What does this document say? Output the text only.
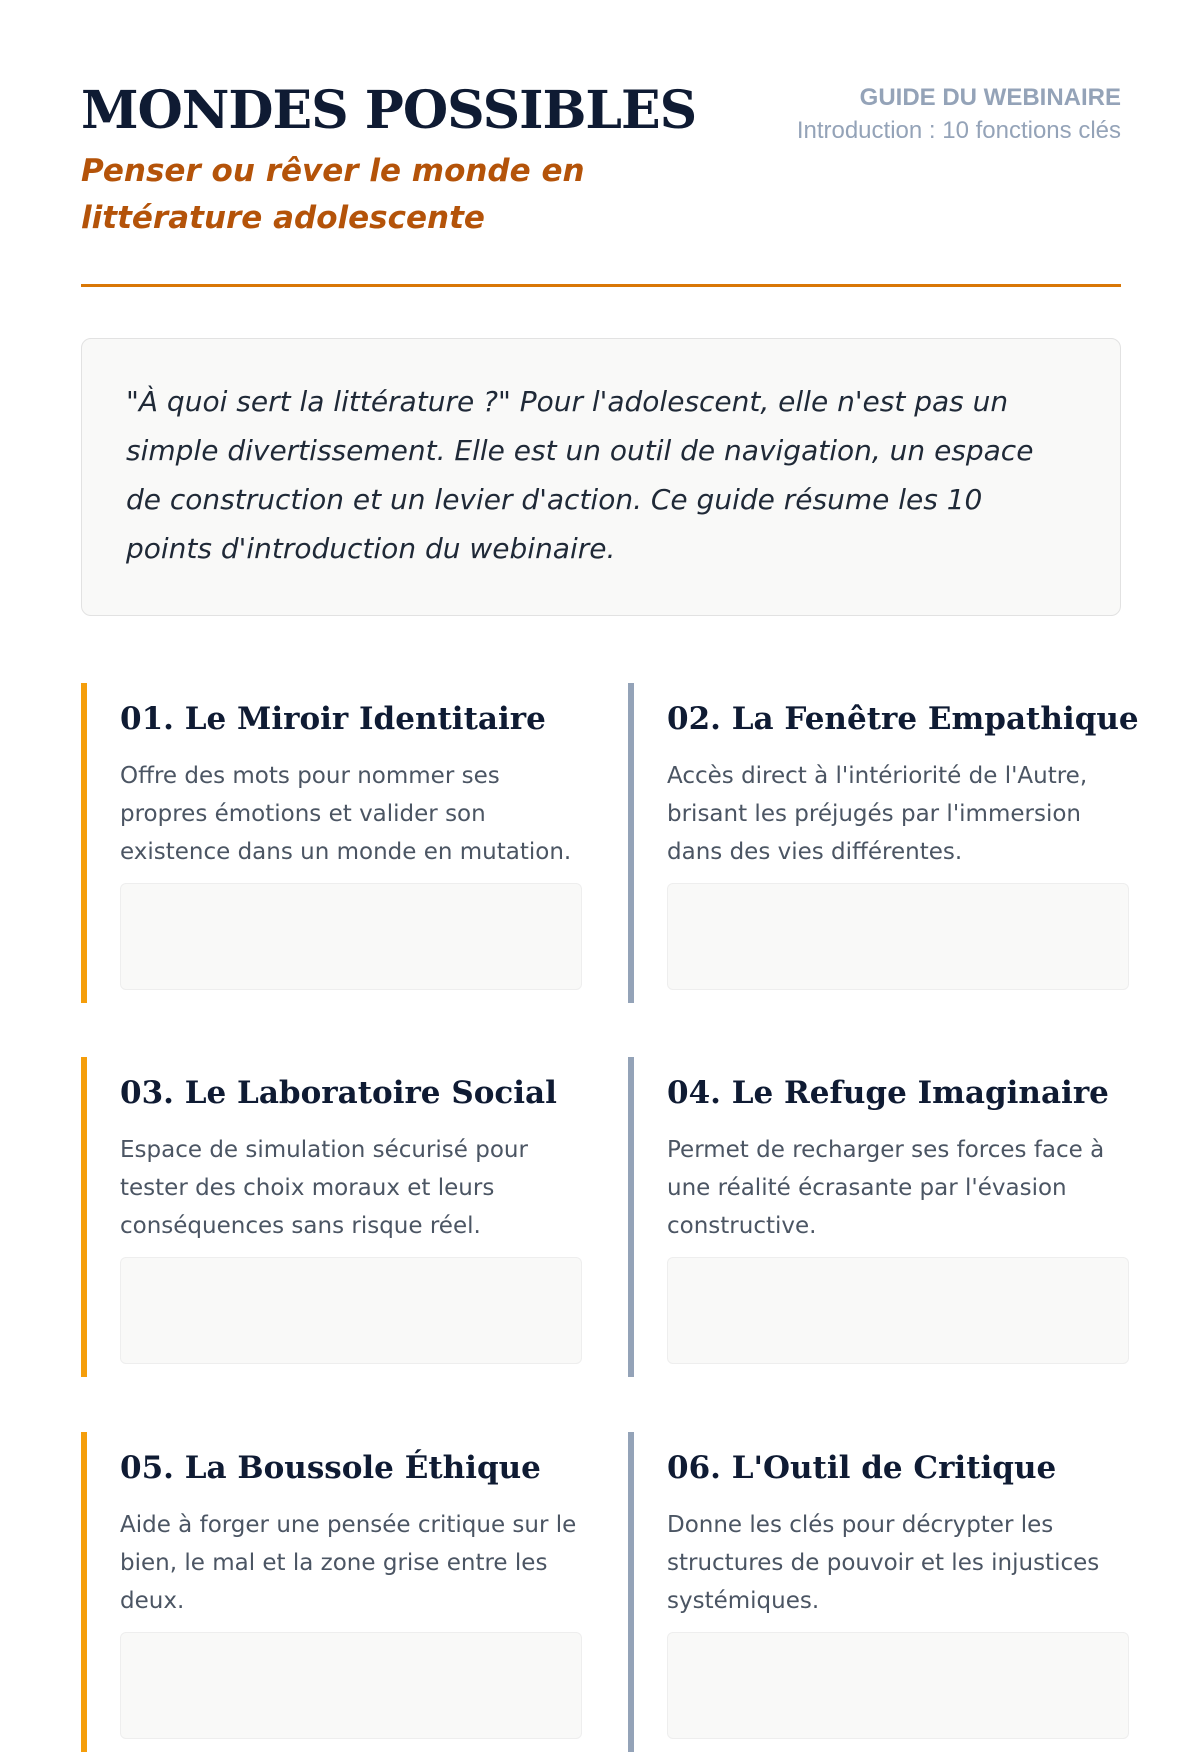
MONDES POSSIBLES
Penser ou rêver le monde en littérature adolescente
GUIDE DU WEBINAIRE
Introduction : 10 fonctions clés

"À quoi sert la littérature ?" Pour l'adolescent, elle n'est pas un simple divertissement. Elle est un outil de navigation, un espace de construction et un levier d'action. Ce guide résume les 10 points d'introduction du webinaire.

01. Le Miroir Identitaire

Offre des mots pour nommer ses propres émotions et valider son existence dans un monde en mutation.

02. La Fenêtre Empathique

Accès direct à l'intériorité de l'Autre, brisant les préjugés par l'immersion dans des vies différentes.

03. Le Laboratoire Social

Espace de simulation sécurisé pour tester des choix moraux et leurs conséquences sans risque réel.

04. Le Refuge Imaginaire

Permet de recharger ses forces face à une réalité écrasante par l'évasion constructive.

05. La Boussole Éthique

Aide à forger une pensée critique sur le bien, le mal et la zone grise entre les deux.

06. L'Outil de Critique

Donne les clés pour décrypter les structures de pouvoir et les injustices systémiques.
